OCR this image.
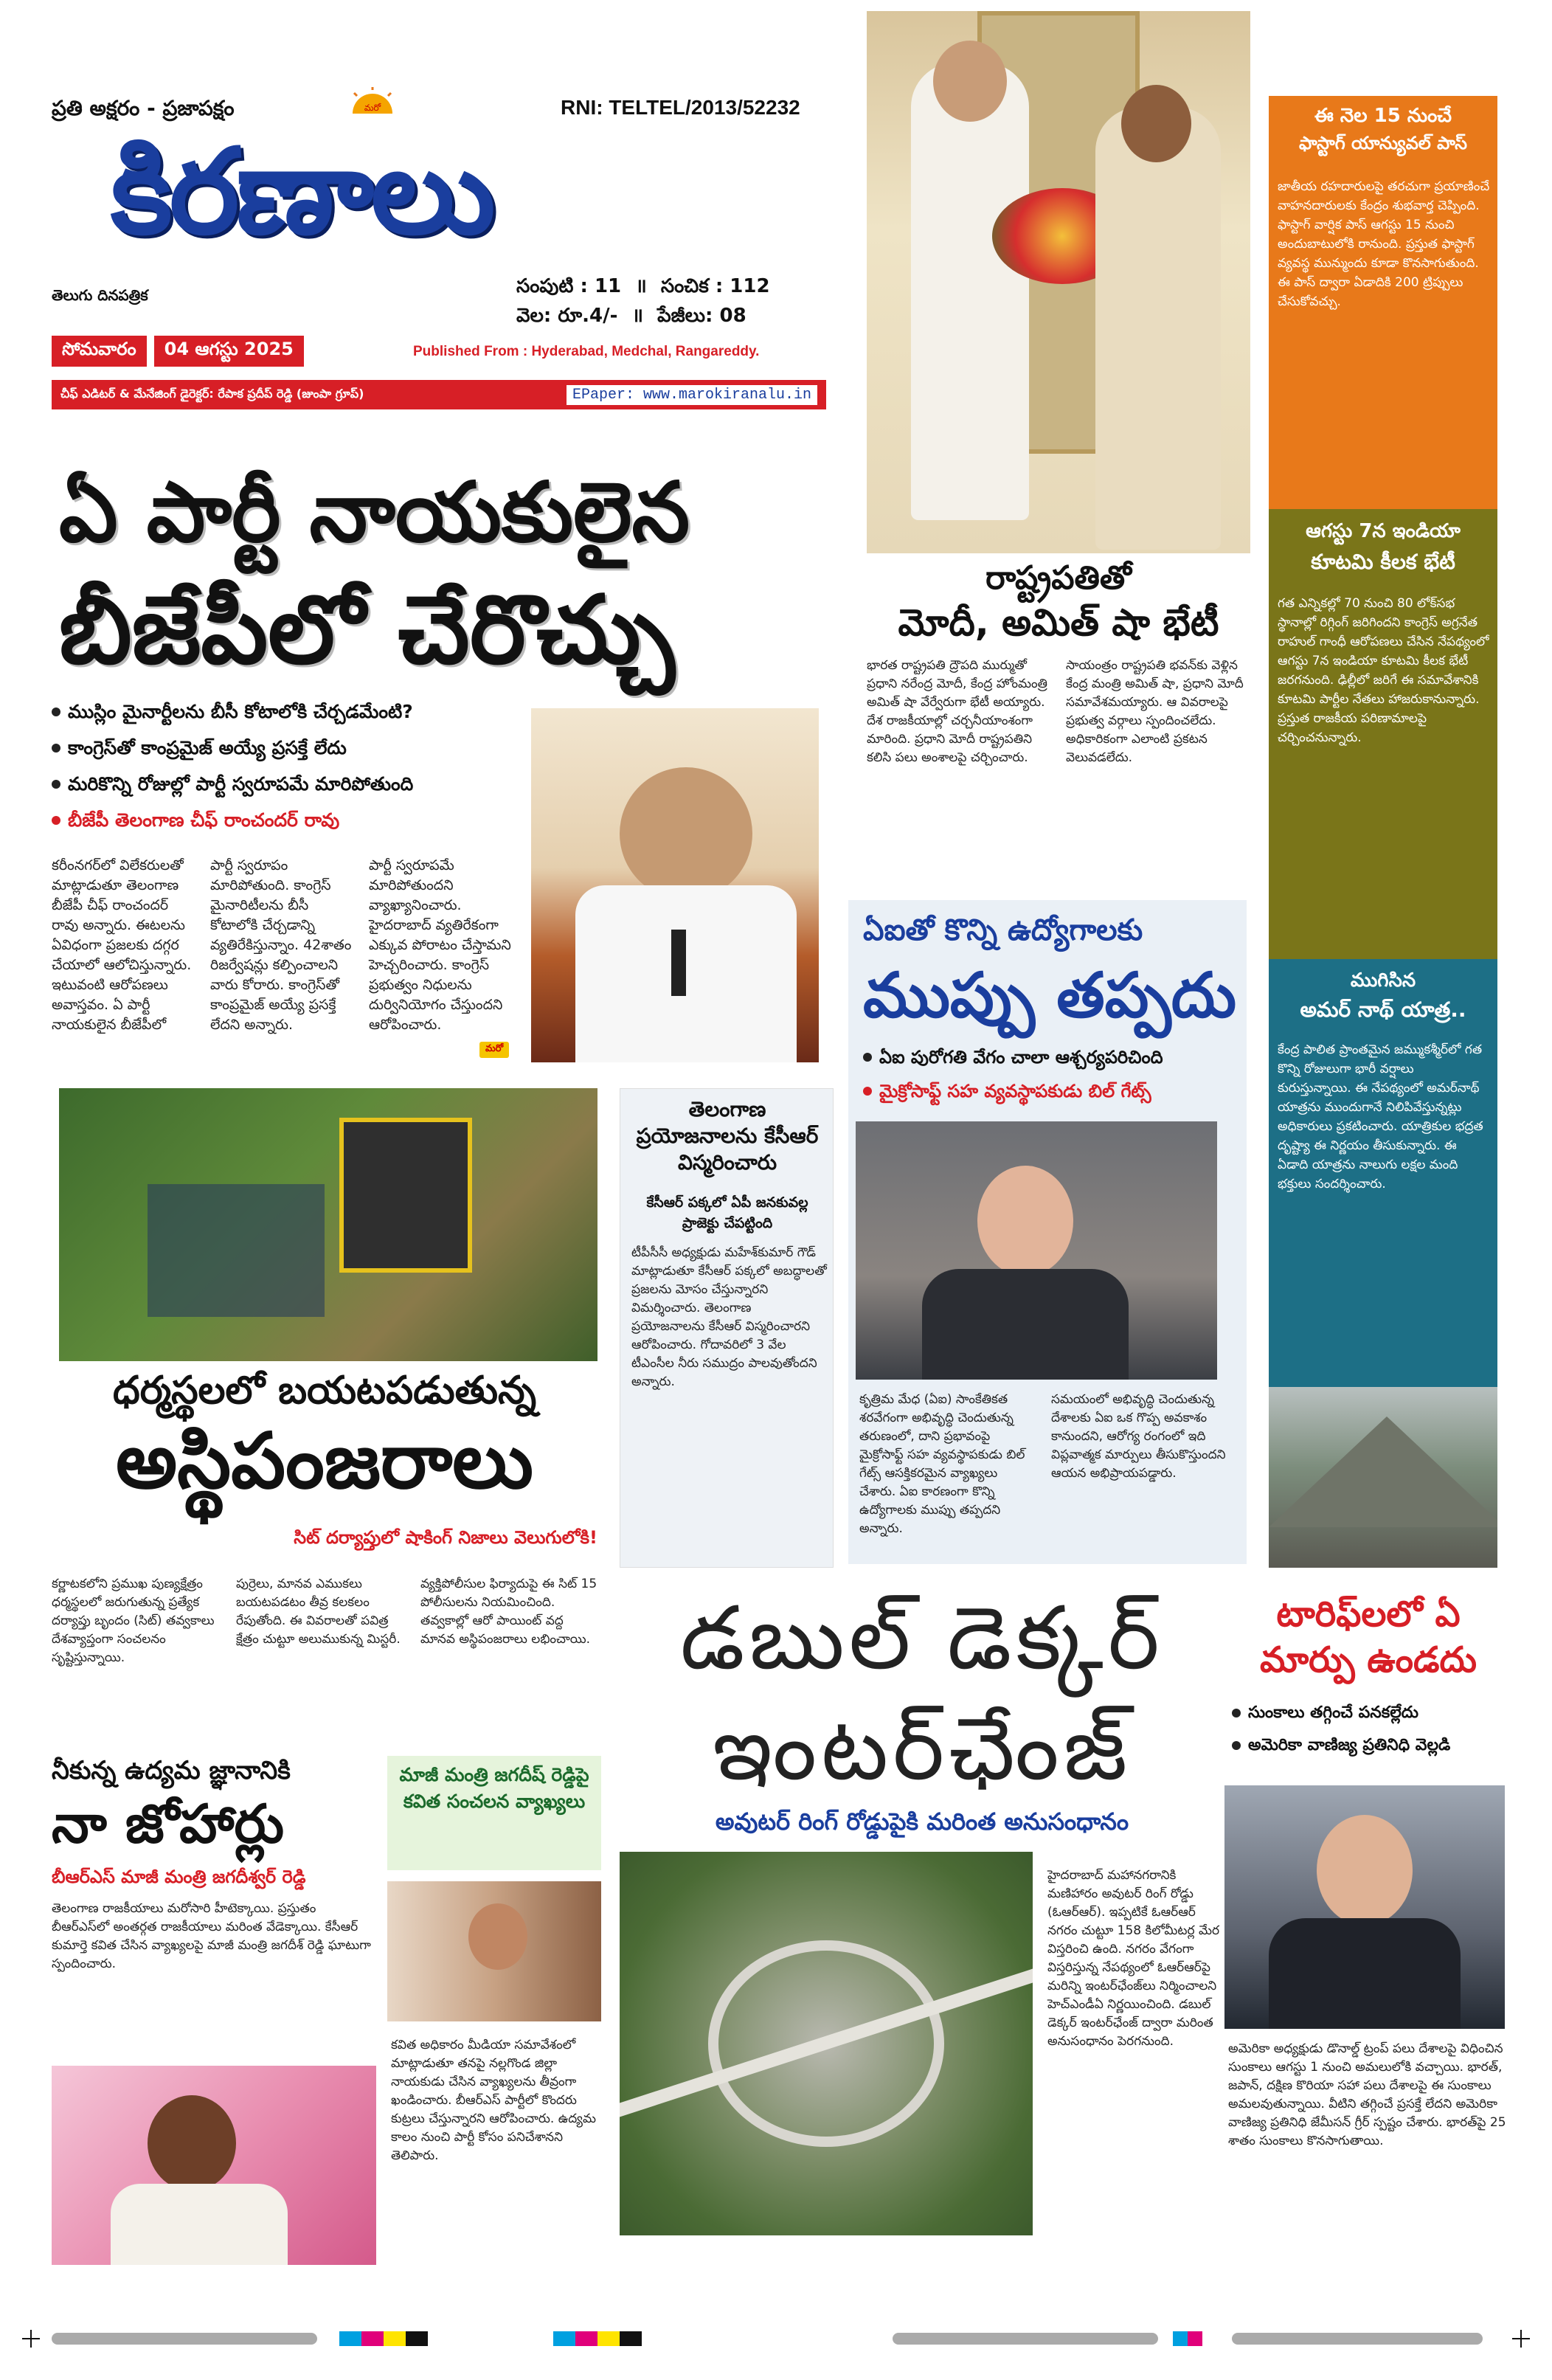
ప్రతి అక్షరం - ప్రజాపక్షం	మరో	RNI: TELTEL/2013/52232
కిరణాలు
తెలుగు దినపత్రిక	సంపుటి : 11 ॥ సంచిక : 112
వెల: రూ.4/- ॥ పేజీలు: 08
సోమవారం	04 ఆగస్టు 2025	Published From : Hyderabad, Medchal, Rangareddy.
చీఫ్ ఎడిటర్ & మేనేజింగ్ డైరెక్టర్: రేపాక ప్రదీప్ రెడ్డి (జుంపా గ్రూప్)	EPaper: www.marokiranalu.in
ఏ పార్టీ నాయకులైన
బీజేపీలో చేరొచ్చు
ముస్లిం మైనార్టీలను బీసీ కోటాలోకి చేర్చడమేంటి?
కాంగ్రెస్‌తో కాంప్రమైజ్ అయ్యే ప్రసక్తే లేదు
మరికొన్ని రోజుల్లో పార్టీ స్వరూపమే మారిపోతుంది
బీజేపీ తెలంగాణ చీఫ్ రాంచందర్ రావు
కరీంనగర్‌లో విలేకరులతో మాట్లాడుతూ తెలంగాణ బీజేపీ చీఫ్ రాంచందర్ రావు అన్నారు. ఈటలను ఏవిధంగా ప్రజలకు దగ్గర చేయాలో ఆలోచిస్తున్నారు. ఇటువంటి ఆరోపణలు అవాస్తవం. ఏ పార్టీ నాయకులైన బీజేపీలో
పార్టీ స్వరూపం మారిపోతుంది. కాంగ్రెస్ మైనారిటీలను బీసీ కోటాలోకి చేర్చడాన్ని వ్యతిరేకిస్తున్నాం. 42శాతం రిజర్వేషన్లు కల్పించాలని వారు కోరారు. కాంగ్రెస్‌తో కాంప్రమైజ్ అయ్యే ప్రసక్తే లేదని అన్నారు.
పార్టీ స్వరూపమే మారిపోతుందని వ్యాఖ్యానించారు. హైదరాబాద్ వ్యతిరేకంగా ఎక్కువ పోరాటం చేస్తామని హెచ్చరించారు. కాంగ్రెస్ ప్రభుత్వం నిధులను దుర్వినియోగం చేస్తుందని ఆరోపించారు.
మరో
రాష్ట్రపతితో
మోదీ, అమిత్ షా భేటీ
భారత రాష్ట్రపతి ద్రౌపది ముర్ముతో ప్రధాని నరేంద్ర మోదీ, కేంద్ర హోంమంత్రి అమిత్ షా వేర్వేరుగా భేటీ అయ్యారు. దేశ రాజకీయాల్లో చర్చనీయాంశంగా మారింది. ప్రధాని మోదీ రాష్ట్రపతిని కలిసి పలు అంశాలపై చర్చించారు.
సాయంత్రం రాష్ట్రపతి భవన్‌కు వెళ్లిన కేంద్ర మంత్రి అమిత్ షా, ప్రధాని మోదీ సమావేశమయ్యారు. ఆ వివరాలపై ప్రభుత్వ వర్గాలు స్పందించలేదు. అధికారికంగా ఎలాంటి ప్రకటన వెలువడలేదు.
ఏఐతో కొన్ని ఉద్యోగాలకు
ముప్పు తప్పదు
ఏఐ పురోగతి వేగం చాలా ఆశ్చర్యపరిచింది
మైక్రోసాఫ్ట్ సహ వ్యవస్థాపకుడు బిల్ గేట్స్
కృత్రిమ మేధ (ఏఐ) సాంకేతికత శరవేగంగా అభివృద్ధి చెందుతున్న తరుణంలో, దాని ప్రభావంపై మైక్రోసాఫ్ట్ సహ వ్యవస్థాపకుడు బిల్ గేట్స్ ఆసక్తికరమైన వ్యాఖ్యలు చేశారు. ఏఐ కారణంగా కొన్ని ఉద్యోగాలకు ముప్పు తప్పదని అన్నారు.
సమయంలో అభివృద్ధి చెందుతున్న దేశాలకు ఏఐ ఒక గొప్ప అవకాశం కానుందని, ఆరోగ్య రంగంలో ఇది విప్లవాత్మక మార్పులు తీసుకొస్తుందని ఆయన అభిప్రాయపడ్డారు.
తెలంగాణ ప్రయోజనాలను కేసీఆర్ విస్మరించారు
కేసీఆర్ పక్కలో ఏపీ జనకువల్ల ప్రాజెక్టు చేపట్టింది
టీపీసీసీ అధ్యక్షుడు మహేశ్‌కుమార్ గౌడ్ మాట్లాడుతూ కేసీఆర్ పక్కలో అబద్ధాలతో ప్రజలను మోసం చేస్తున్నారని విమర్శించారు. తెలంగాణ ప్రయోజనాలను కేసీఆర్ విస్మరించారని ఆరోపించారు. గోదావరిలో 3 వేల టీఎంసీల నీరు సముద్రం పాలవుతోందని అన్నారు.
ఈ నెల 15 నుంచే
ఫాస్టాగ్ యాన్యువల్ పాస్
జాతీయ రహదారులపై తరచుగా ప్రయాణించే వాహనదారులకు కేంద్రం శుభవార్త చెప్పింది. ఫాస్టాగ్ వార్షిక పాస్ ఆగస్టు 15 నుంచి అందుబాటులోకి రానుంది. ప్రస్తుత ఫాస్టాగ్ వ్యవస్థ మున్ముందు కూడా కొనసాగుతుంది. ఈ పాస్ ద్వారా ఏడాదికి 200 ట్రిప్పులు చేసుకోవచ్చు.
ఆగస్టు 7న ఇండియా
కూటమి కీలక భేటీ
గత ఎన్నికల్లో 70 నుంచి 80 లోక్‌సభ స్థానాల్లో రిగ్గింగ్ జరిగిందని కాంగ్రెస్ అగ్రనేత రాహుల్ గాంధీ ఆరోపణలు చేసిన నేపథ్యంలో ఆగస్టు 7న ఇండియా కూటమి కీలక భేటీ జరగనుంది. ఢిల్లీలో జరిగే ఈ సమావేశానికి కూటమి పార్టీల నేతలు హాజరుకానున్నారు. ప్రస్తుత రాజకీయ పరిణామాలపై చర్చించనున్నారు.
ముగిసిన
అమర్ నాథ్ యాత్ర..
కేంద్ర పాలిత ప్రాంతమైన జమ్ముకశ్మీర్‌లో గత కొన్ని రోజులుగా భారీ వర్షాలు కురుస్తున్నాయి. ఈ నేపథ్యంలో అమర్‌నాథ్ యాత్రను ముందుగానే నిలిపివేస్తున్నట్లు అధికారులు ప్రకటించారు. యాత్రికుల భద్రత దృష్ట్యా ఈ నిర్ణయం తీసుకున్నారు. ఈ ఏడాది యాత్రను నాలుగు లక్షల మంది భక్తులు సందర్శించారు.
ధర్మస్థలలో బయటపడుతున్న
అస్థిపంజరాలు
సిట్ దర్యాప్తులో షాకింగ్ నిజాలు వెలుగులోకి!
కర్ణాటకలోని ప్రముఖ పుణ్యక్షేత్రం ధర్మస్థలలో జరుగుతున్న ప్రత్యేక దర్యాప్తు బృందం (సిట్) తవ్వకాలు దేశవ్యాప్తంగా సంచలనం సృష్టిస్తున్నాయి.
పుర్రెలు, మానవ ఎముకలు బయటపడటం తీవ్ర కలకలం రేపుతోంది. ఈ వివరాలతో పవిత్ర క్షేత్రం చుట్టూ అలుముకున్న మిస్టరీ.
వ్యక్తిపోలీసుల ఫిర్యాదుపై ఈ సిట్ 15 పోలీసులను నియమించింది. తవ్వకాల్లో ఆరో పాయింట్ వద్ద మానవ అస్థిపంజరాలు లభించాయి.	డబుల్ డెక్కర్
ఇంటర్‌ఛేంజ్
అవుటర్ రింగ్ రోడ్డుపైకి మరింత అనుసంధానం
హైదరాబాద్ మహానగరానికి మణిహారం అవుటర్ రింగ్ రోడ్డు (ఓఆర్ఆర్). ఇప్పటికే ఓఆర్ఆర్ నగరం చుట్టూ 158 కిలోమీటర్ల మేర విస్తరించి ఉంది. నగరం వేగంగా విస్తరిస్తున్న నేపథ్యంలో ఓఆర్ఆర్‌పై మరిన్ని ఇంటర్‌ఛేంజ్‌లు నిర్మించాలని హెచ్ఎండీఏ నిర్ణయించింది. డబుల్ డెక్కర్ ఇంటర్‌ఛేంజ్ ద్వారా మరింత అనుసంధానం పెరగనుంది.
టారిఫ్‌లలో ఏ
మార్పు ఉండదు
సుంకాలు తగ్గించే పనకల్లేదు
అమెరికా వాణిజ్య ప్రతినిధి వెల్లడి
అమెరికా అధ్యక్షుడు డొనాల్డ్ ట్రంప్ పలు దేశాలపై విధించిన సుంకాలు ఆగస్టు 1 నుంచి అమలులోకి వచ్చాయి. భారత్, జపాన్, దక్షిణ కొరియా సహా పలు దేశాలపై ఈ సుంకాలు అమలవుతున్నాయి. వీటిని తగ్గించే ప్రసక్తే లేదని అమెరికా వాణిజ్య ప్రతినిధి జేమీసన్ గ్రీర్ స్పష్టం చేశారు. భారత్‌పై 25 శాతం సుంకాలు కొనసాగుతాయి.
నీకున్న ఉద్యమ జ్ఞానానికి
నా జోహార్లు
బీఆర్ఎస్ మాజీ మంత్రి జగదీశ్వర్ రెడ్డి
తెలంగాణ రాజకీయాలు మరోసారి హీటెక్కాయి. ప్రస్తుతం బీఆర్ఎస్‌లో అంతర్గత రాజకీయాలు మరింత వేడెక్కాయి. కేసీఆర్ కుమార్తె కవిత చేసిన వ్యాఖ్యలపై మాజీ మంత్రి జగదీశ్ రెడ్డి ఘాటుగా స్పందించారు.
మాజీ మంత్రి జగదీష్ రెడ్డిపై కవిత సంచలన వ్యాఖ్యలు
కవిత అధికారం మీడియా సమావేశంలో మాట్లాడుతూ తనపై నల్లగొండ జిల్లా నాయకుడు చేసిన వ్యాఖ్యలను తీవ్రంగా ఖండించారు. బీఆర్ఎస్ పార్టీలో కొందరు కుట్రలు చేస్తున్నారని ఆరోపించారు. ఉద్యమ కాలం నుంచి పార్టీ కోసం పనిచేశానని తెలిపారు.
